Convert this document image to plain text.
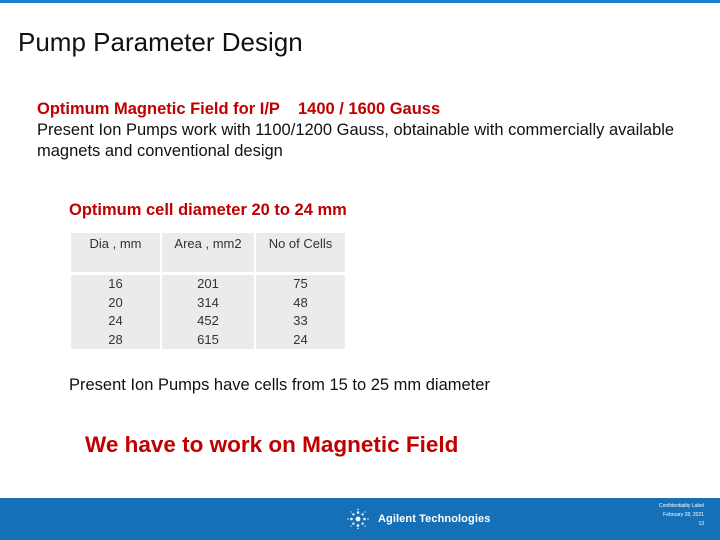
Pump Parameter Design
Optimum Magnetic Field for I/P    1400 / 1600 Gauss
Present Ion Pumps work with 1100/1200 Gauss, obtainable with commercially available magnets and conventional design
Optimum cell diameter 20 to 24 mm
Dia , mm	Area , mm2	No of Cells

16	201	75
20	314	48
24	452	33
28	615	24
Present Ion Pumps have cells from 15 to 25 mm diameter
We have to work on Magnetic Field
Agilent Technologies
Confidentiality Label
February 28, 2021
13
